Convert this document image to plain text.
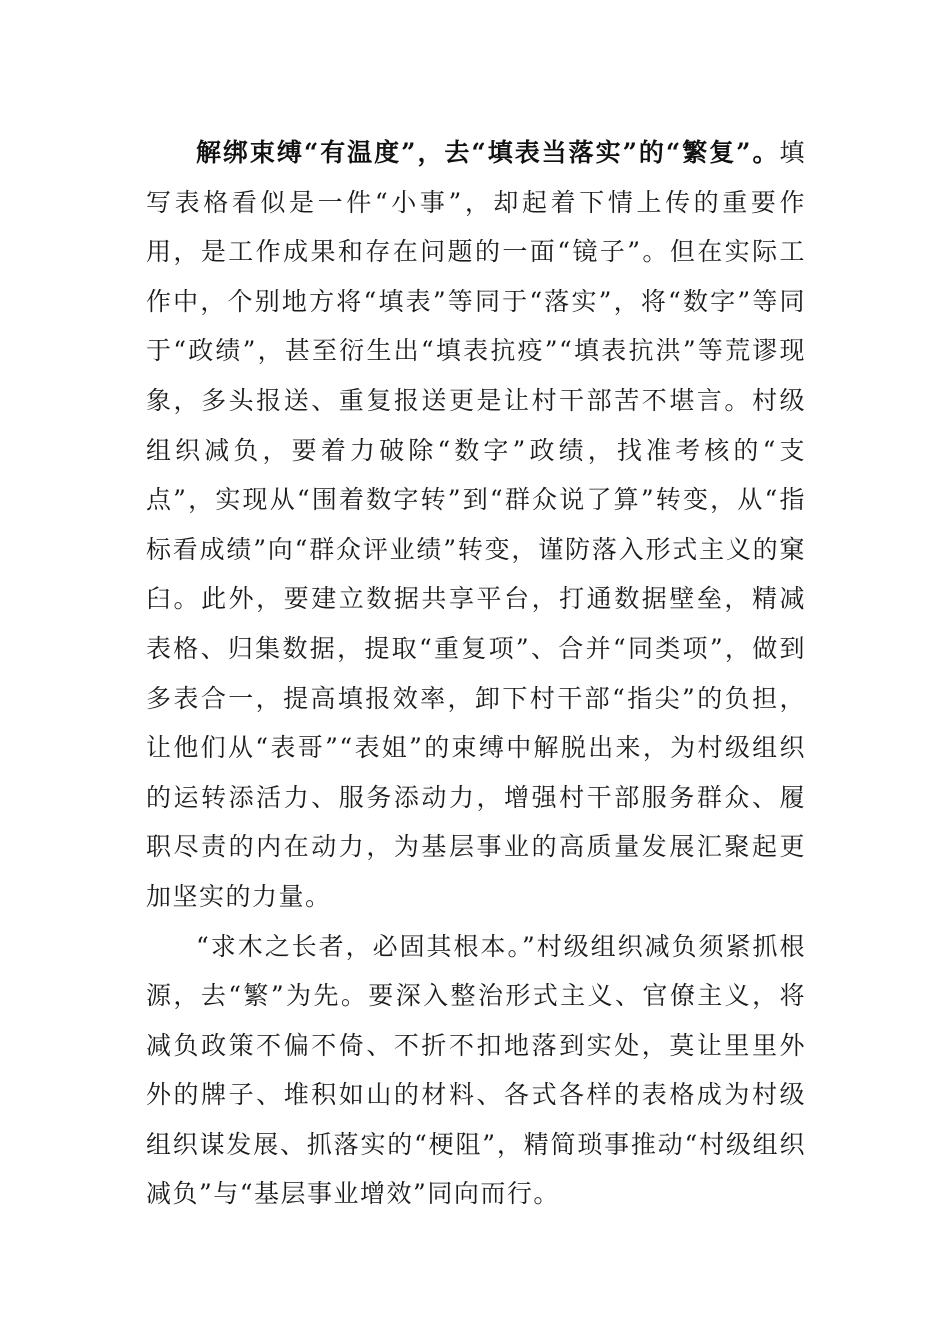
解绑束缚“有温度”，去“填表当落实”的“繁复”。填写表格看似是一件“小事”，却起着下情上传的重要作用，是工作成果和存在问题的一面“镜子”。但在实际工作中，个别地方将“填表”等同于“落实”，将“数字”等同于“政绩”，甚至衍生出“填表抗疫”“填表抗洪”等荒谬现象，多头报送、重复报送更是让村干部苦不堪言。村级组织减负，要着力破除“数字”政绩，找准考核的“支点”，实现从“围着数字转”到“群众说了算”转变，从“指标看成绩”向“群众评业绩”转变，谨防落入形式主义的窠臼。此外，要建立数据共享平台，打通数据壁垒，精减表格、归集数据，提取“重复项”、合并“同类项”，做到多表合一，提高填报效率，卸下村干部“指尖”的负担，让他们从“表哥”“表姐”的束缚中解脱出来，为村级组织的运转添活力、服务添动力，增强村干部服务群众、履职尽责的内在动力，为基层事业的高质量发展汇聚起更加坚实的力量。

“求木之长者，必固其根本。”村级组织减负须紧抓根源，去“繁”为先。要深入整治形式主义、官僚主义，将减负政策不偏不倚、不折不扣地落到实处，莫让里里外外的牌子、堆积如山的材料、各式各样的表格成为村级组织谋发展、抓落实的“梗阻”，精简琐事推动“村级组织减负”与“基层事业增效”同向而行。
